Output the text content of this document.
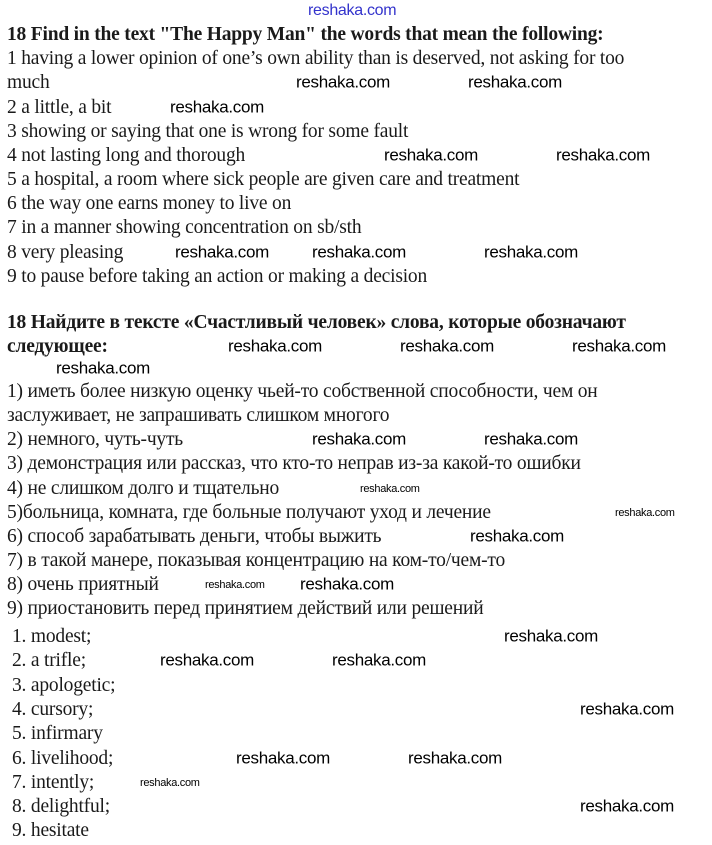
18 Find in the text "The Happy Man" the words that mean the following:
1 having a lower opinion of one’s own ability than is deserved, not asking for too
much
2 a little, a bit
3 showing or saying that one is wrong for some fault
4 not lasting long and thorough
5 a hospital, a room where sick people are given care and treatment
6 the way one earns money to live on
7 in a manner showing concentration on sb/sth
8 very pleasing
9 to pause before taking an action or making a decision
18 Найдите в тексте «Счастливый человек» слова, которые обозначают
следующее:
1) иметь более низкую оценку чьей-то собственной способности, чем он
заслуживает, не запрашивать слишком многого
2) немного, чуть-чуть
3) демонстрация или рассказ, что кто-то неправ из-за какой-то ошибки
4) не слишком долго и тщательно
5)больница, комната, где больные получают уход и лечение
6) способ зарабатывать деньги, чтобы выжить
7) в такой манере, показывая концентрацию на ком-то/чем-то
8) очень приятный
9) приостановить перед принятием действий или решений
1. modest;
2. a trifle;
3. apologetic;
4. cursory;
5. infirmary
6. livelihood;
7. intently;
8. delightful;
9. hesitate
reshaka.com
reshaka.com	reshaka.com
reshaka.com
reshaka.com	reshaka.com
reshaka.com	reshaka.com	reshaka.com
reshaka.com	reshaka.com	reshaka.com
reshaka.com
reshaka.com	reshaka.com
reshaka.com
reshaka.com
reshaka.com
reshaka.com reshaka.com
reshaka.com
reshaka.com	reshaka.com
reshaka.com
reshaka.com	reshaka.com
reshaka.com
reshaka.com
